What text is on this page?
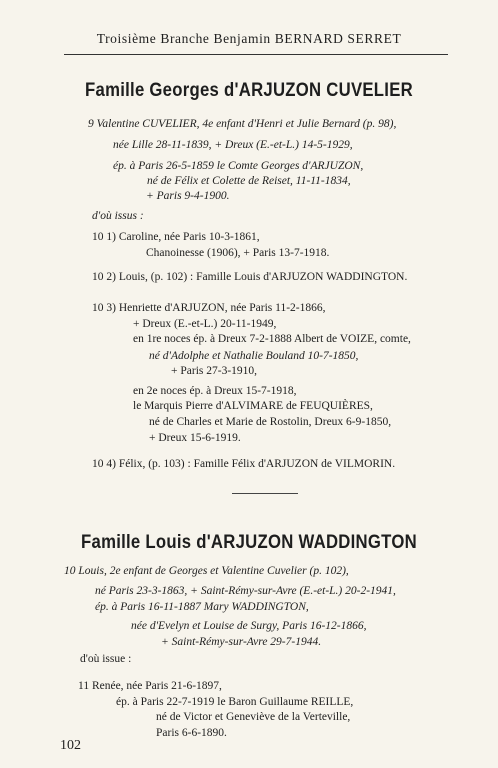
Troisième Branche Benjamin BERNARD SERRET
Famille Georges d'ARJUZON CUVELIER
9 Valentine CUVELIER, 4e enfant d'Henri et Julie Bernard (p. 98),
née Lille 28-11-1839, + Dreux (E.-et-L.) 14-5-1929,
ép. à Paris 26-5-1859 le Comte Georges d'ARJUZON,
né de Félix et Colette de Reiset, 11-11-1834,
+ Paris 9-4-1900.
d'où issus :
10 1) Caroline, née Paris 10-3-1861,
Chanoinesse (1906), + Paris 13-7-1918.
10 2) Louis, (p. 102) : Famille Louis d'ARJUZON WADDINGTON.
10 3) Henriette d'ARJUZON, née Paris 11-2-1866,
+ Dreux (E.-et-L.) 20-11-1949,
en 1re noces ép. à Dreux 7-2-1888 Albert de VOIZE, comte,
né d'Adolphe et Nathalie Bouland 10-7-1850,
+ Paris 27-3-1910,
en 2e noces ép. à Dreux 15-7-1918,
le Marquis Pierre d'ALVIMARE de FEUQUIÈRES,
né de Charles et Marie de Rostolin, Dreux 6-9-1850,
+ Dreux 15-6-1919.
10 4) Félix, (p. 103) : Famille Félix d'ARJUZON de VILMORIN.
Famille Louis d'ARJUZON WADDINGTON
10 Louis, 2e enfant de Georges et Valentine Cuvelier (p. 102),
né Paris 23-3-1863, + Saint-Rémy-sur-Avre (E.-et-L.) 20-2-1941,
ép. à Paris 16-11-1887 Mary WADDINGTON,
née d'Evelyn et Louise de Surgy, Paris 16-12-1866,
+ Saint-Rémy-sur-Avre 29-7-1944.
d'où issue :
11 Renée, née Paris 21-6-1897,
ép. à Paris 22-7-1919 le Baron Guillaume REILLE,
né de Victor et Geneviève de la Verteville,
Paris 6-6-1890.
102
